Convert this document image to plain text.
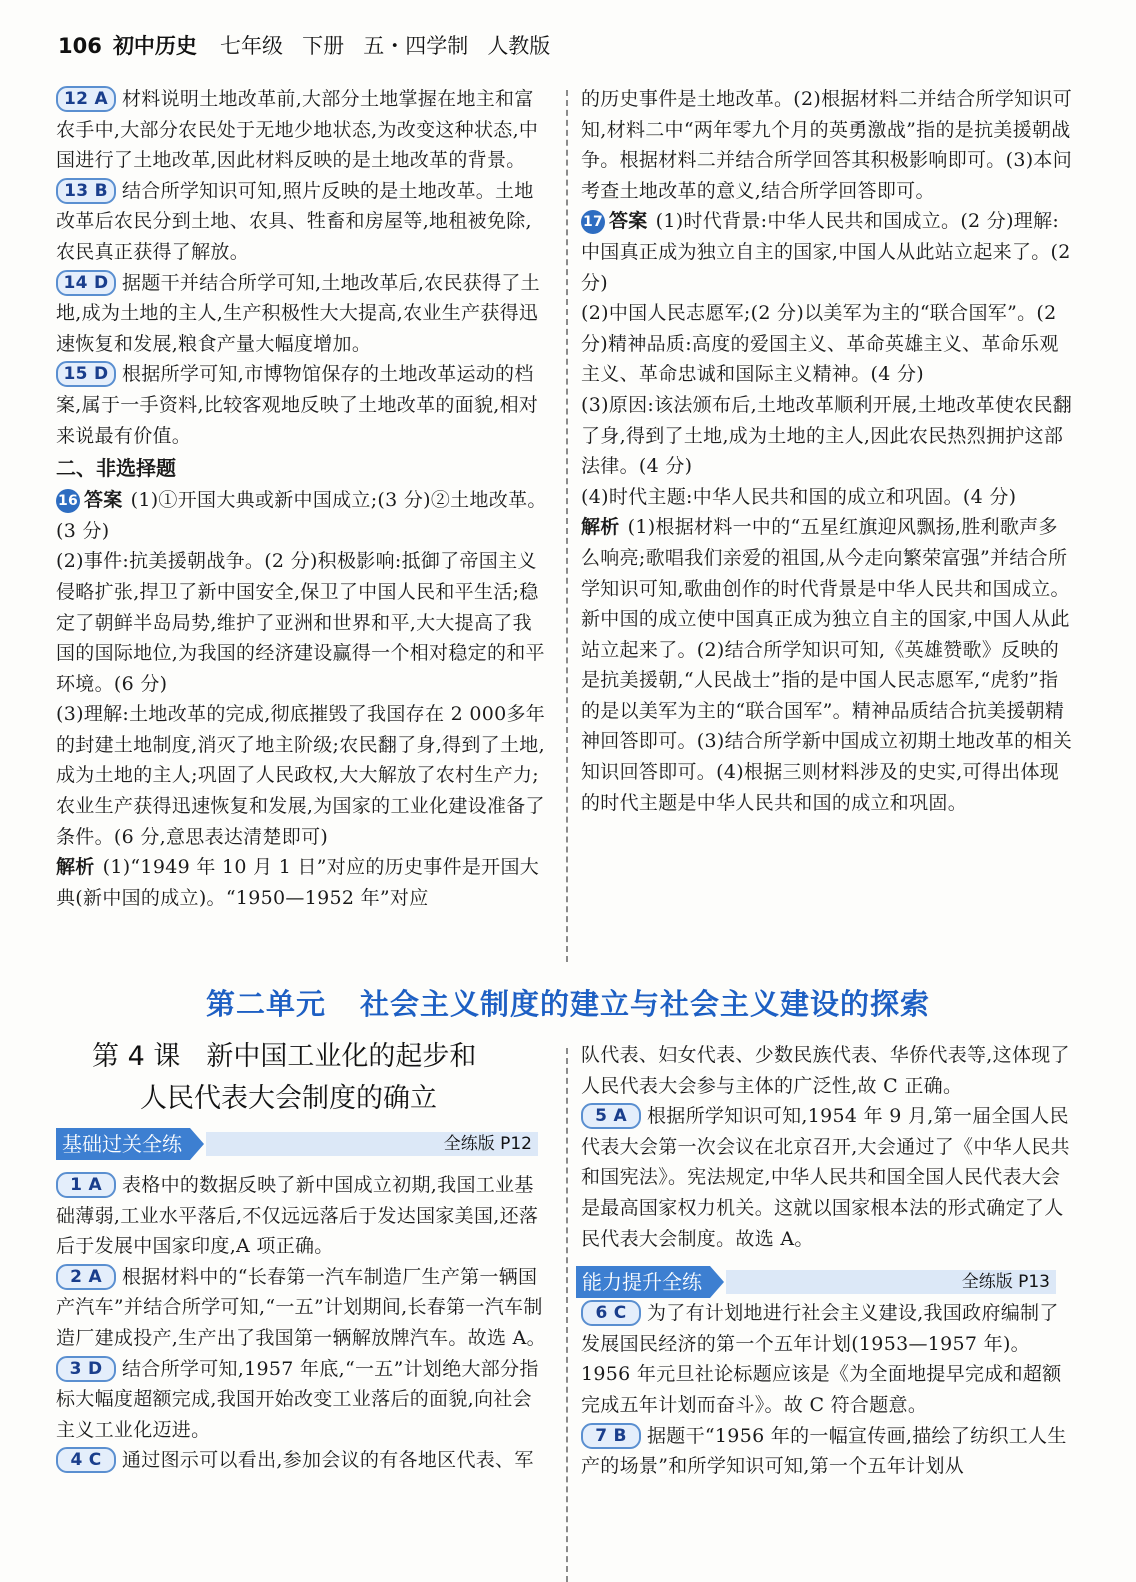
106 初中历史 七年级 下册 五・四学制 人教版

12 A 材料说明土地改革前,大部分土地掌握在地主和富农手中,大部分农民处于无地少地状态,为改变这种状态,中国进行了土地改革,因此材料反映的是土地改革的背景。

13 B 结合所学知识可知,照片反映的是土地改革。土地改革后农民分到土地、农具、牲畜和房屋等,地租被免除,农民真正获得了解放。

14 D 据题干并结合所学可知,土地改革后,农民获得了土地,成为土地的主人,生产积极性大大提高,农业生产获得迅速恢复和发展,粮食产量大幅度增加。

15 D 根据所学可知,市博物馆保存的土地改革运动的档案,属于一手资料,比较客观地反映了土地改革的面貌,相对来说最有价值。

二、非选择题

16 答案 (1)①开国大典或新中国成立;(3 分)②土地改革。(3 分)

(2)事件:抗美援朝战争。(2 分)积极影响:抵御了帝国主义侵略扩张,捍卫了新中国安全,保卫了中国人民和平生活;稳定了朝鲜半岛局势,维护了亚洲和世界和平,大大提高了我国的国际地位,为我国的经济建设赢得一个相对稳定的和平环境。(6 分)

(3)理解:土地改革的完成,彻底摧毁了我国存在 2 000多年的封建土地制度,消灭了地主阶级;农民翻了身,得到了土地,成为土地的主人;巩固了人民政权,大大解放了农村生产力;农业生产获得迅速恢复和发展,为国家的工业化建设准备了条件。(6 分,意思表达清楚即可)

解析 (1)“1949 年 10 月 1 日”对应的历史事件是开国大典(新中国的成立)。“1950—1952 年”对应

的历史事件是土地改革。(2)根据材料二并结合所学知识可知,材料二中“两年零九个月的英勇激战”指的是抗美援朝战争。根据材料二并结合所学回答其积极影响即可。(3)本问考查土地改革的意义,结合所学回答即可。

17 答案 (1)时代背景:中华人民共和国成立。(2 分)理解:中国真正成为独立自主的国家,中国人从此站立起来了。(2 分)

(2)中国人民志愿军;(2 分)以美军为主的“联合国军”。(2 分)精神品质:高度的爱国主义、革命英雄主义、革命乐观主义、革命忠诚和国际主义精神。(4 分)

(3)原因:该法颁布后,土地改革顺利开展,土地改革使农民翻了身,得到了土地,成为土地的主人,因此农民热烈拥护这部法律。(4 分)

(4)时代主题:中华人民共和国的成立和巩固。(4 分)

解析 (1)根据材料一中的“五星红旗迎风飘扬,胜利歌声多么响亮;歌唱我们亲爱的祖国,从今走向繁荣富强”并结合所学知识可知,歌曲创作的时代背景是中华人民共和国成立。新中国的成立使中国真正成为独立自主的国家,中国人从此站立起来了。(2)结合所学知识可知,《英雄赞歌》反映的是抗美援朝,“人民战士”指的是中国人民志愿军,“虎豹”指的是以美军为主的“联合国军”。精神品质结合抗美援朝精神回答即可。(3)结合所学新中国成立初期土地改革的相关知识回答即可。(4)根据三则材料涉及的史实,可得出体现的时代主题是中华人民共和国的成立和巩固。

第二单元 社会主义制度的建立与社会主义建设的探索
第 4 课 新中国工业化的起步和
人民代表大会制度的确立
基础过关全练	全练版 P12
能力提升全练	全练版 P13

1 A 表格中的数据反映了新中国成立初期,我国工业基础薄弱,工业水平落后,不仅远远落后于发达国家美国,还落后于发展中国家印度,A 项正确。

2 A 根据材料中的“长春第一汽车制造厂生产第一辆国产汽车”并结合所学可知,“一五”计划期间,长春第一汽车制造厂建成投产,生产出了我国第一辆解放牌汽车。故选 A。

3 D 结合所学可知,1957 年底,“一五”计划绝大部分指标大幅度超额完成,我国开始改变工业落后的面貌,向社会主义工业化迈进。

4 C 通过图示可以看出,参加会议的有各地区代表、军

队代表、妇女代表、少数民族代表、华侨代表等,这体现了人民代表大会参与主体的广泛性,故 C 正确。

5 A 根据所学知识可知,1954 年 9 月,第一届全国人民代表大会第一次会议在北京召开,大会通过了《中华人民共和国宪法》。宪法规定,中华人民共和国全国人民代表大会是最高国家权力机关。这就以国家根本法的形式确定了人民代表大会制度。故选 A。

6 C 为了有计划地进行社会主义建设,我国政府编制了发展国民经济的第一个五年计划(1953—1957 年)。1956 年元旦社论标题应该是《为全面地提早完成和超额完成五年计划而奋斗》。故 C 符合题意。

7 B 据题干“1956 年的一幅宣传画,描绘了纺织工人生产的场景”和所学知识可知,第一个五年计划从
